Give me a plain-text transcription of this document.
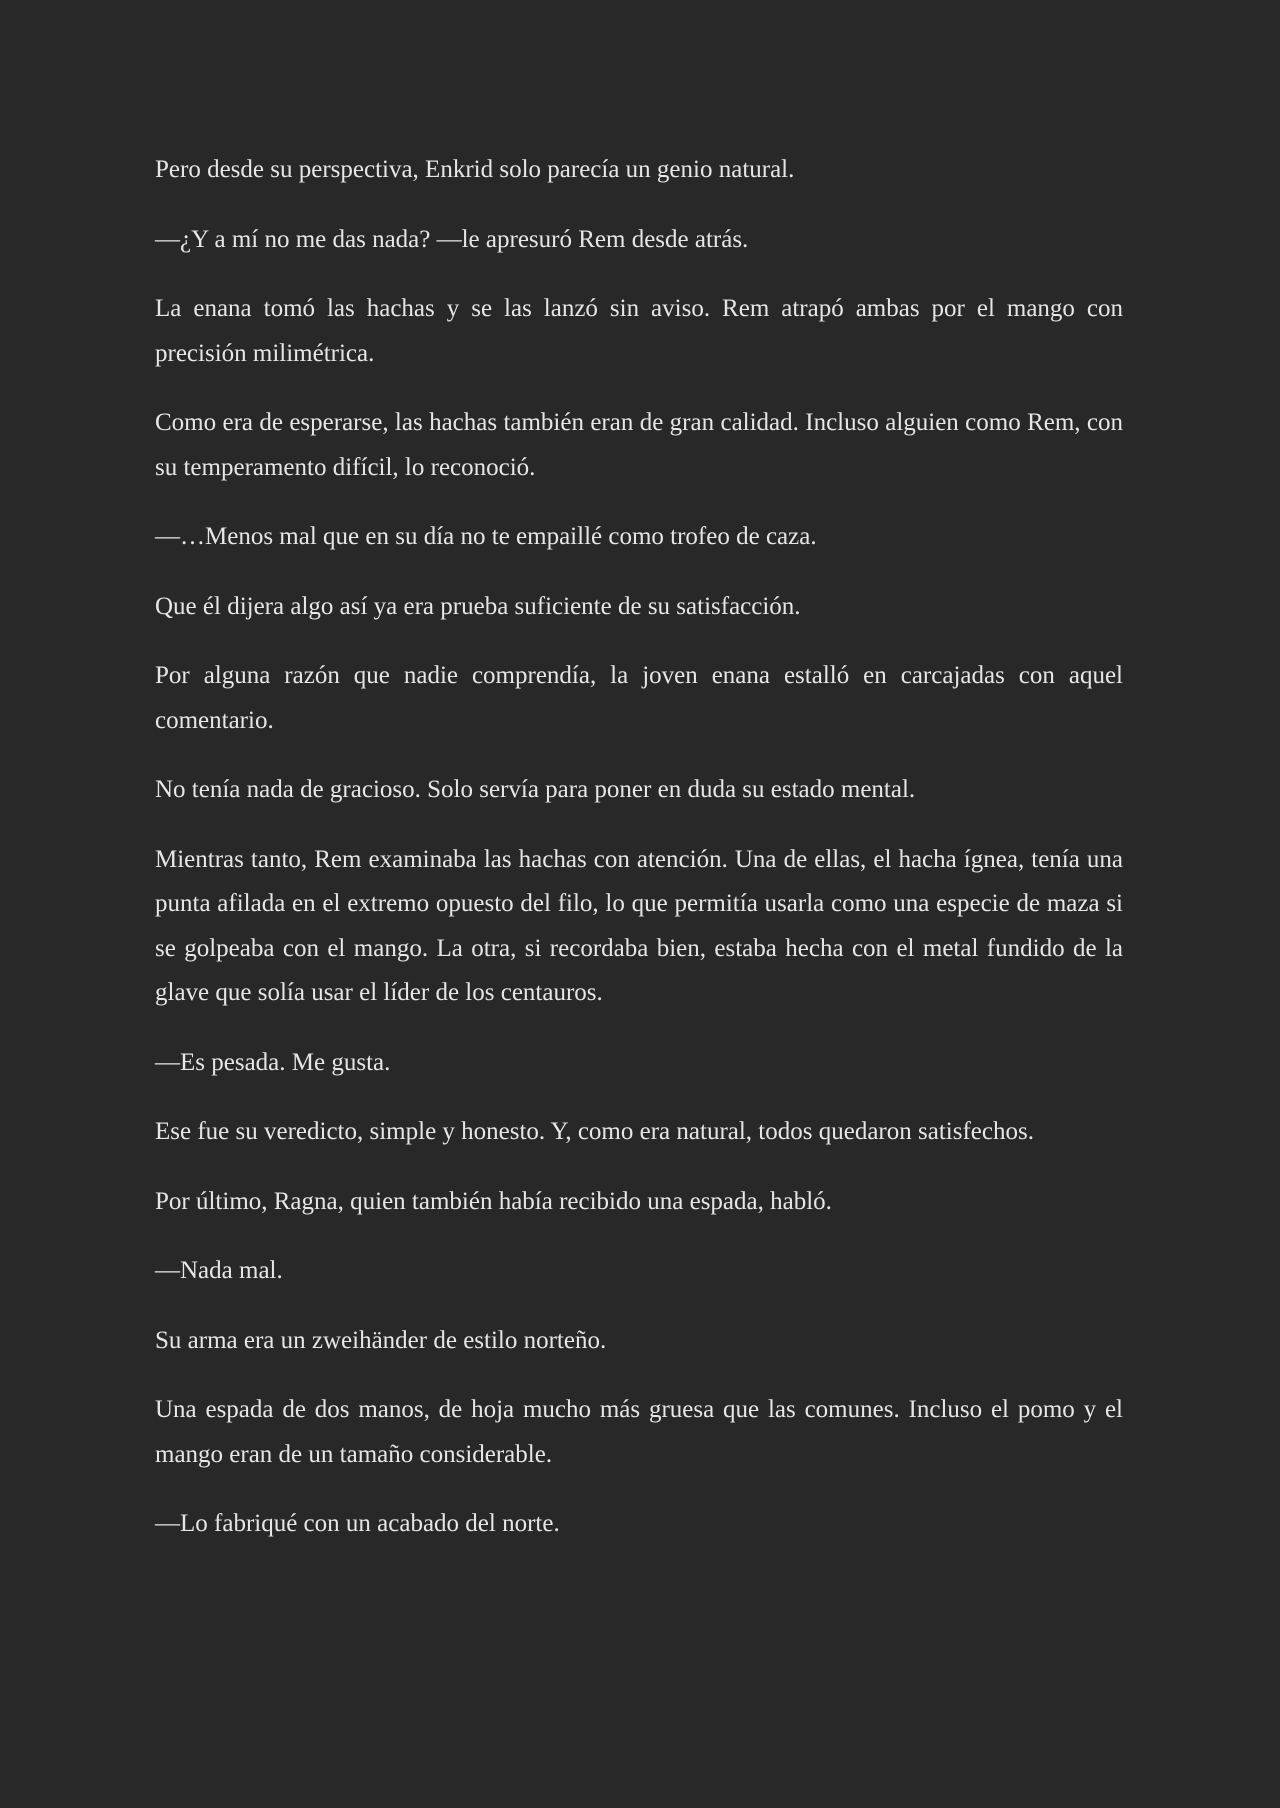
Pero desde su perspectiva, Enkrid solo parecía un genio natural.

—¿Y a mí no me das nada? —le apresuró Rem desde atrás.

La enana tomó las hachas y se las lanzó sin aviso. Rem atrapó ambas por el mango con precisión milimétrica.

Como era de esperarse, las hachas también eran de gran calidad. Incluso alguien como Rem, con su temperamento difícil, lo reconoció.

—…Menos mal que en su día no te empaillé como trofeo de caza.

Que él dijera algo así ya era prueba suficiente de su satisfacción.

Por alguna razón que nadie comprendía, la joven enana estalló en carcajadas con aquel comentario.

No tenía nada de gracioso. Solo servía para poner en duda su estado mental.

Mientras tanto, Rem examinaba las hachas con atención. Una de ellas, el hacha ígnea, tenía una punta afilada en el extremo opuesto del filo, lo que permitía usarla como una especie de maza si se golpeaba con el mango. La otra, si recordaba bien, estaba hecha con el metal fundido de la glave que solía usar el líder de los centauros.

—Es pesada. Me gusta.

Ese fue su veredicto, simple y honesto. Y, como era natural, todos quedaron satisfechos.

Por último, Ragna, quien también había recibido una espada, habló.

—Nada mal.

Su arma era un zweihänder de estilo norteño.

Una espada de dos manos, de hoja mucho más gruesa que las comunes. Incluso el pomo y el mango eran de un tamaño considerable.

—Lo fabriqué con un acabado del norte.
